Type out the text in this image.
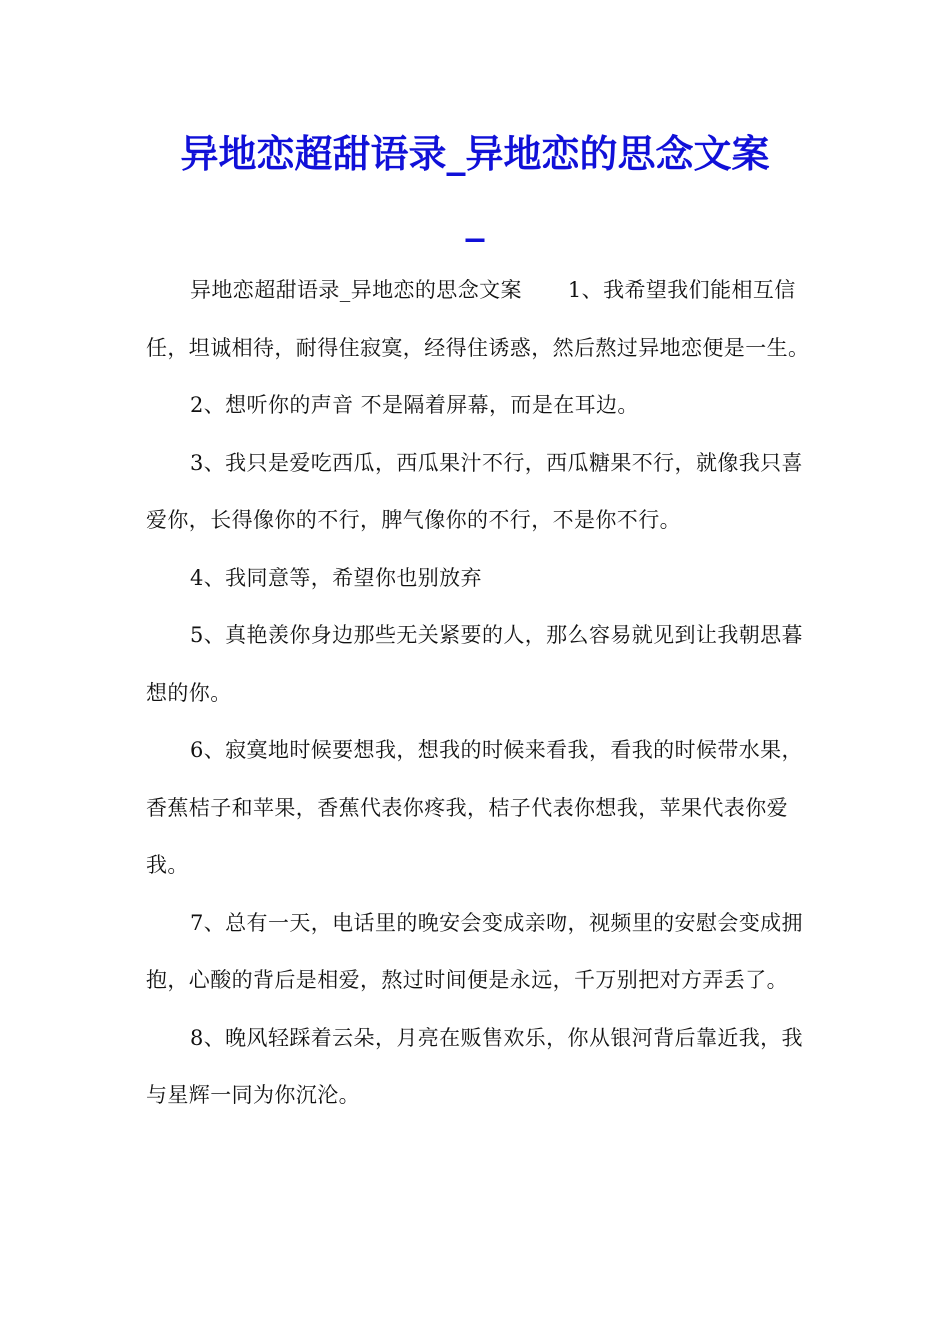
异地恋超甜语录_异地恋的思念文案
_

异地恋超甜语录_异地恋的思念文案 1、我希望我们能相互信任，坦诚相待，耐得住寂寞，经得住诱惑，然后熬过异地恋便是一生。

2、想听你的声音 不是隔着屏幕，而是在耳边。

3、我只是爱吃西瓜，西瓜果汁不行，西瓜糖果不行，就像我只喜爱你，长得像你的不行，脾气像你的不行，不是你不行。

4、我同意等，希望你也别放弃

5、真艳羡你身边那些无关紧要的人，那么容易就见到让我朝思暮想的你。

6、寂寞地时候要想我，想我的时候来看我，看我的时候带水果，香蕉桔子和苹果，香蕉代表你疼我，桔子代表你想我，苹果代表你爱我。

7、总有一天，电话里的晚安会变成亲吻，视频里的安慰会变成拥抱，心酸的背后是相爱，熬过时间便是永远，千万别把对方弄丢了。

8、晚风轻踩着云朵，月亮在贩售欢乐，你从银河背后靠近我，我与星辉一同为你沉沦。
